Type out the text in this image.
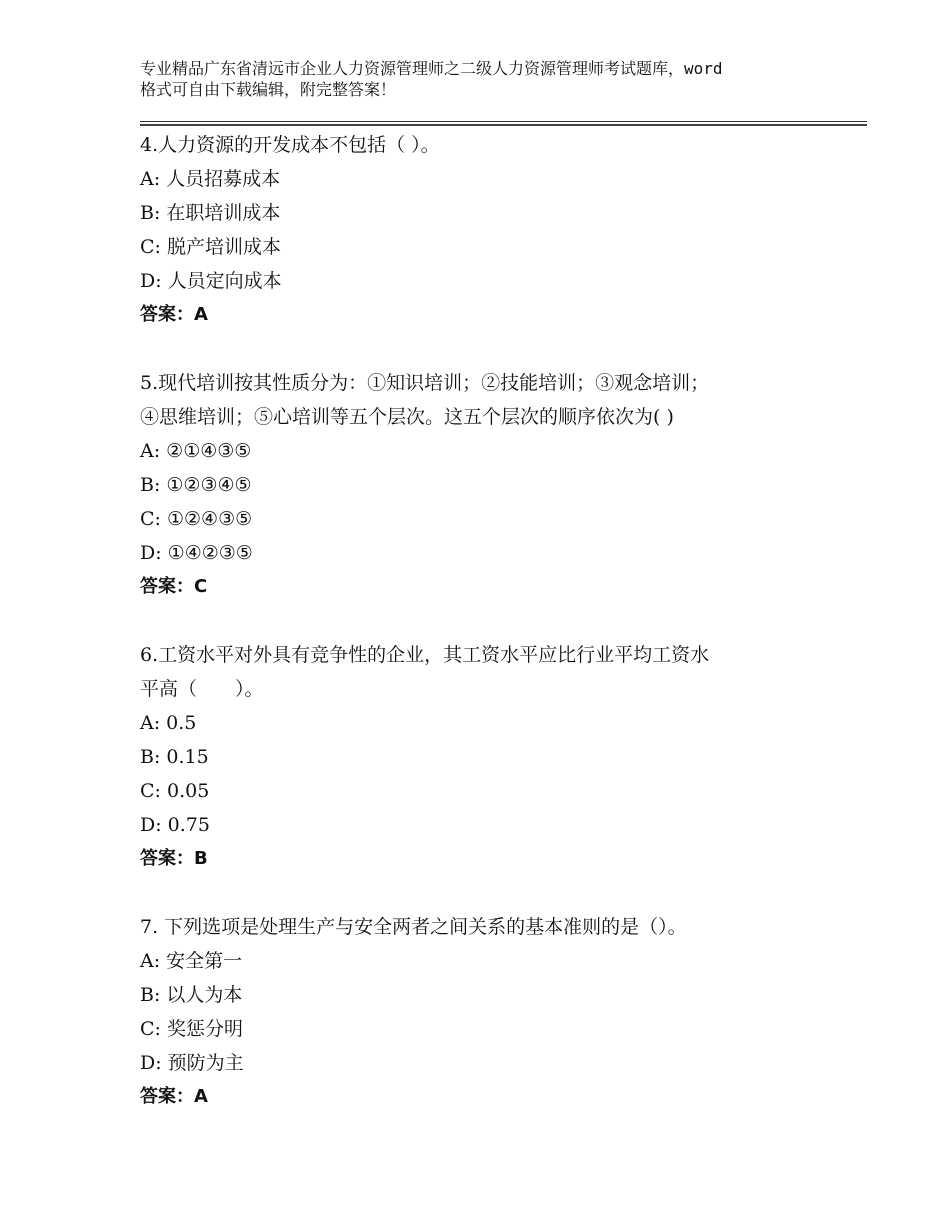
专业精品广东省清远市企业人力资源管理师之二级人力资源管理师考试题库，word
格式可自由下载编辑，附完整答案！
4.人力资源的开发成本不包括（ ）。
A: 人员招募成本
B: 在职培训成本
C: 脱产培训成本
D: 人员定向成本
答案：A
5.现代培训按其性质分为：①知识培训；②技能培训；③观念培训；
④思维培训；⑤心培训等五个层次。这五个层次的顺序依次为( )
A: ②①④③⑤
B: ①②③④⑤
C: ①②④③⑤
D: ①④②③⑤
答案：C
6.工资水平对外具有竞争性的企业，其工资水平应比行业平均工资水
平高（　　）。
A: 0.5
B: 0.15
C: 0.05
D: 0.75
答案：B
7. 下列选项是处理生产与安全两者之间关系的基本准则的是（）。
A: 安全第一
B: 以人为本
C: 奖惩分明
D: 预防为主
答案：A
